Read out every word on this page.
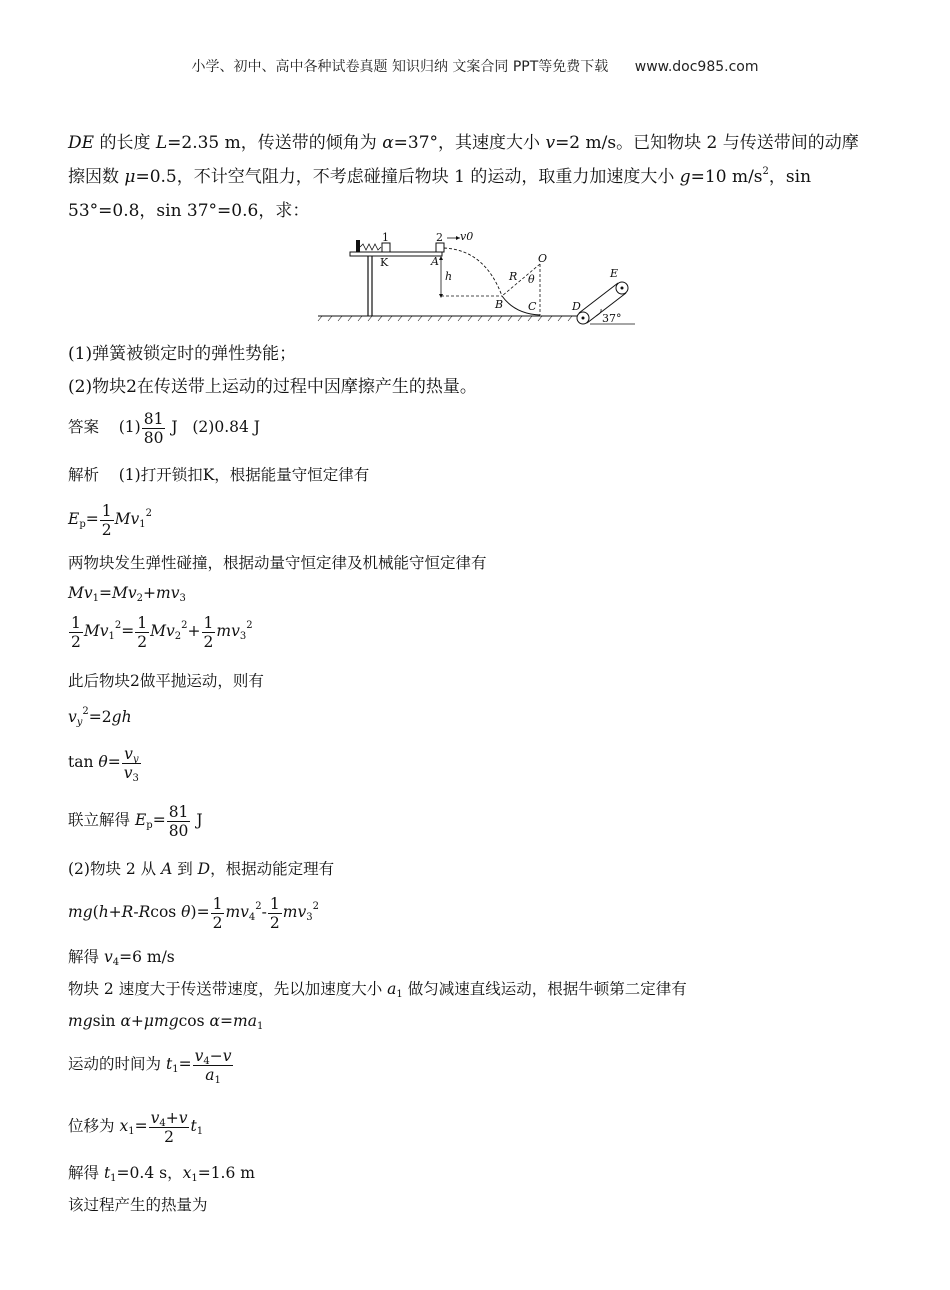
小学、初中、高中各种试卷真题 知识归纳 文案合同 PPT等免费下载 www.doc985.com
DE 的长度 L=2.35 m，传送带的倾角为 α=37°，其速度大小 v=2 m/s。已知物块 2 与传送带间的动摩
擦因数 μ=0.5，不计空气阻力，不考虑碰撞后物块 1 的运动，取重力加速度大小 g=10 $m/s^2$，sin
53°=0.8，sin 37°=0.6，求：
1
K
2 v0
A
h	R
O
θ
B C	D
E
37°
(1)弹簧被锁定时的弹性势能；
(2)物块2在传送带上运动的过程中因摩擦产生的热量。
答案 $(1) \frac{81}{80}$ J (2)0.84 J
解析 (1)打开锁扣K，根据能量守恒定律有
$E_p= \frac{1}{2} Mv_1^2$
两物块发生弹性碰撞，根据动量守恒定律及机械能守恒定律有
$Mv_1=Mv_2+mv_3$
$\frac{1}{2} Mv_1^2= \frac{1}{2} Mv_2^2+ \frac{1}{2} mv_3^2$
此后物块2做平抛运动，则有
$v_y^2=2gh$
$\tan \theta= \frac{v_y}{v_3}$
联立解得 $E_p= \frac{81}{80}$ J
(2)物块 2 从 A 到 D，根据动能定理有
mg(h+R-Rcos $\theta)= \frac{1}{2} mv_4^2- \frac{1}{2} mv_3^2$
解得 $v_4=6$ m/s
物块 2 速度大于传送带速度，先以加速度大小 $a_1$ 做匀减速直线运动，根据牛顿第二定律有
mgsin α+μmgcos $\alpha=ma_1$
运动的时间为 $t_1= \frac{v_4-v}{a_1}$
位移为 $x_1= \frac{v_4+v}{2} t_1$
解得 $t_1=0.4$ s，$x_1=1.6$ m
该过程产生的热量为
